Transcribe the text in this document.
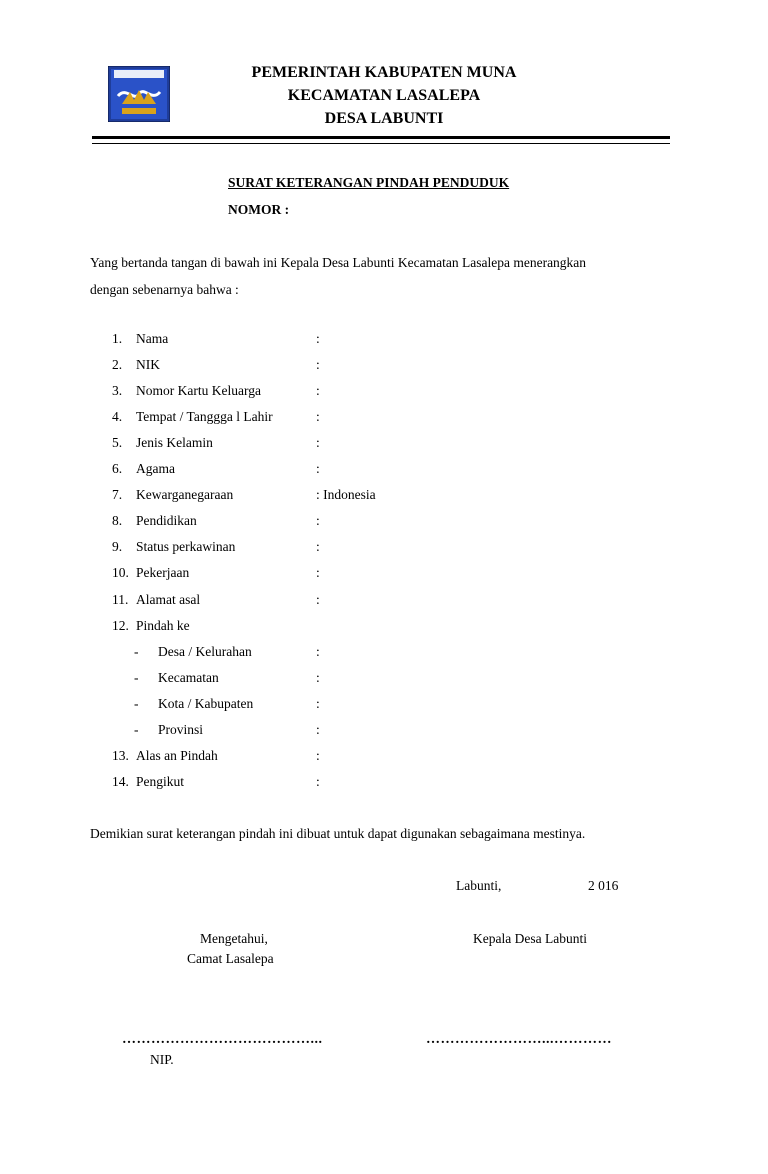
PEMERINTAH KABUPATEN MUNA
KECAMATAN LASALEPA
DESA LABUNTI
SURAT KETERANGAN PINDAH PENDUDUK
NOMOR :
Yang bertanda tangan di bawah ini Kepala Desa Labunti Kecamatan Lasalepa menerangkan
dengan sebenarnya bahwa :
1. Nama	:
2. NIK	:
3. Nomor Kartu Keluarga	:
4. Tempat / Tanggga l Lahir	:
5. Jenis Kelamin	:
6. Agama	:
7. Kewarganegaraan	: Indonesia
8. Pendidikan	:
9. Status perkawinan	:
10. Pekerjaan	:
11. Alamat asal	:
12. Pindah ke
- Desa / Kelurahan	:
- Kecamatan	:
- Kota / Kabupaten	:
- Provinsi	:
13. Alas an Pindah	:
14. Pengikut	:
Demikian surat keterangan pindah ini dibuat untuk dapat digunakan sebagaimana mestinya.
Labunti,	2 016
Mengetahui,
Camat Lasalepa
Kepala Desa Labunti
…………………………………...	……………………...…………
NIP.
